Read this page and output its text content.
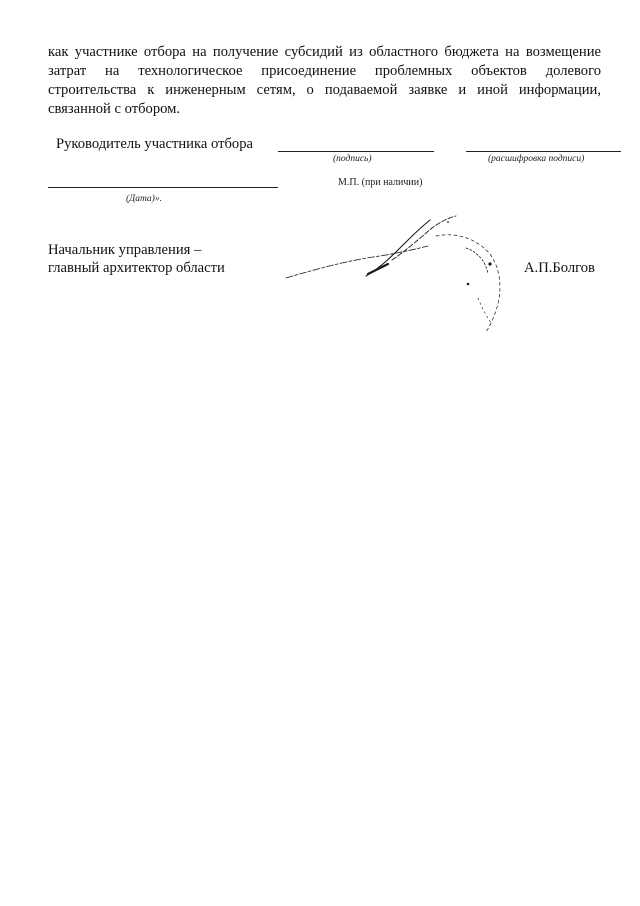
как участнике отбора на получение субсидий из областного бюджета на возмещение
затрат на технологическое присоединение проблемных объектов долевого
строительства к инженерным сетям, о подаваемой заявке и иной информации,
связанной с отбором.
Руководитель участника отбора
(подпись)	(расшифровка подписи)
М.П. (при наличии)
(Дата)».
Начальник управления –
главный архитектор области	А.П.Болгов
